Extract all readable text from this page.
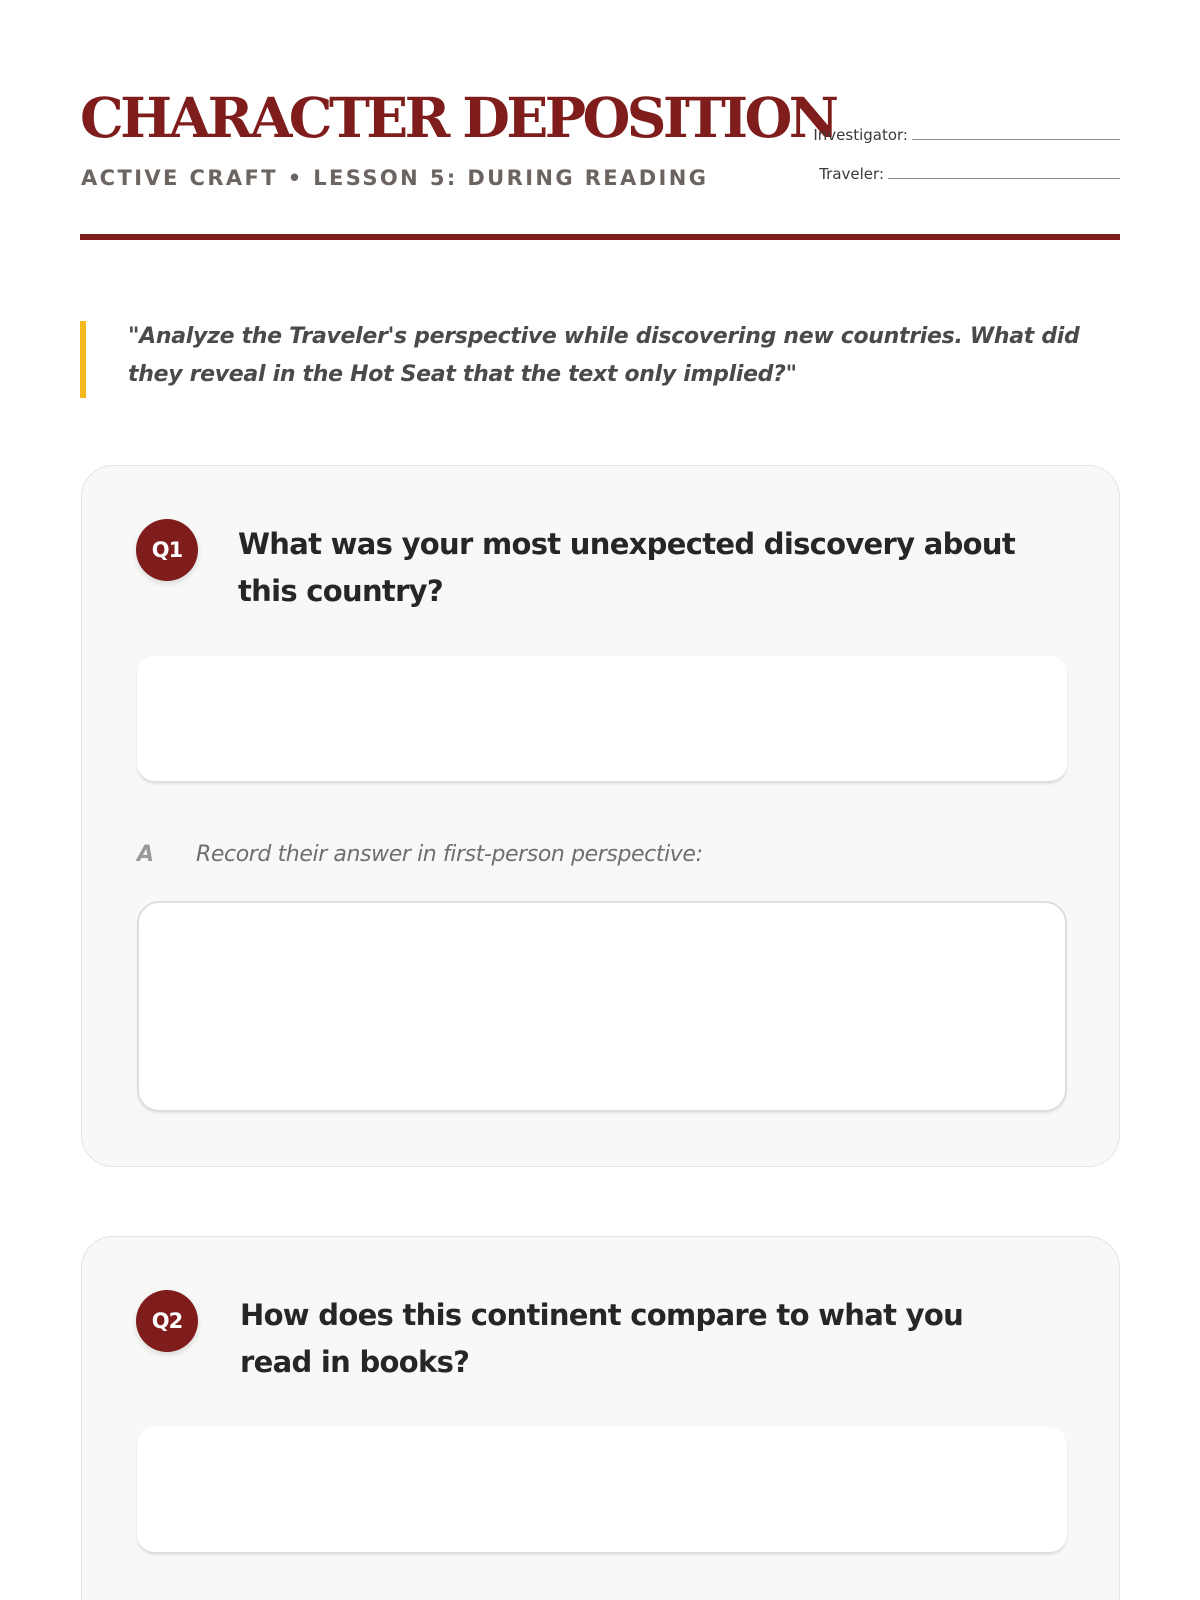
CHARACTER DEPOSITION
ACTIVE CRAFT • LESSON 5: DURING READING
Investigator:
Traveler:
"Analyze the Traveler's perspective while discovering new countries. What did they reveal in the Hot Seat that the text only implied?"
Q1	What was your most unexpected discovery about this country?
A Record their answer in first-person perspective:
Q2	How does this continent compare to what you read in books?
